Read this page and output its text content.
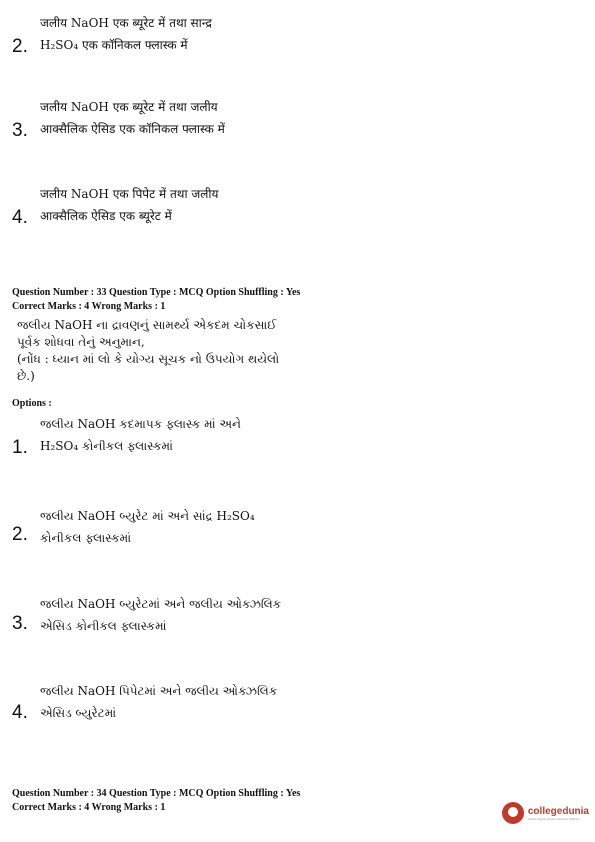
जलीय NaOH एक ब्यूरेट में तथा सान्द्र
H₂SO₄ एक कॉनिकल फ्लास्क में
2.
जलीय NaOH एक ब्यूरेट में तथा जलीय
आक्सैलिक ऐसिड एक कॉनिकल फ्लास्क में
3.
जलीय NaOH एक पिपेट में तथा जलीय
आक्सैलिक ऐसिड एक ब्यूरेट में
4.
Question Number : 33 Question Type : MCQ Option Shuffling : Yes
Correct Marks : 4 Wrong Marks : 1
જલીય NaOH ના દ્રાવણનું સામર્થ્ય એકદમ ચોકસાઈ
પૂર્વક શોધવા તેનું અનુમાન,
(નોંધ : ધ્યાન માં લો કે યોગ્ય સૂચક નો ઉપયોગ થયેલો
છે.)
Options :
જલીય NaOH કદમાપક ફ્લાસ્ક માં અને
H₂SO₄ કોનીકલ ફ્લાસ્કમાં
1.
જલીય NaOH બ્યુરેટ માં અને સાંદ્ર H₂SO₄
કોનીકલ ફ્લાસ્કમાં
2.
જલીય NaOH બ્યુરેટમાં અને જલીય ઓક્ઝલિક
એસિડ કોનીકલ ફ્લાસ્કમાં
3.
જલીય NaOH પિપેટમાં અને જલીય ઓક્ઝલિક
એસિડ બ્યુરેટમાં
4.
Question Number : 34 Question Type : MCQ Option Shuffling : Yes
Correct Marks : 4 Wrong Marks : 1	collegedunia
India's largest Student Review Platform
